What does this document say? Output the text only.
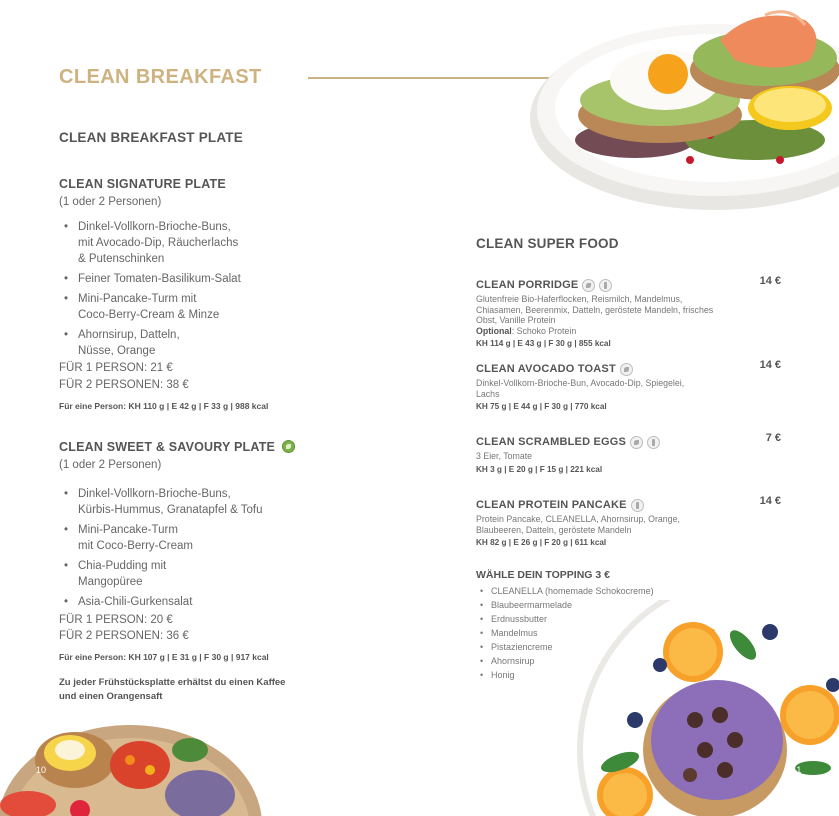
CLEAN BREAKFAST
CLEAN BREAKFAST PLATE
CLEAN SIGNATURE PLATE
(1 oder 2 Personen)
• Dinkel-Vollkorn-Brioche-Buns,
mit Avocado-Dip, Räucherlachs
& Putenschinken
• Feiner Tomaten-Basilikum-Salat
• Mini-Pancake-Turm mit
Coco-Berry-Cream & Minze
• Ahornsirup, Datteln,
Nüsse, Orange
FÜR 1 PERSON: 21 €
FÜR 2 PERSONEN: 38 €
Für eine Person: KH 110 g | E 42 g | F 33 g | 988 kcal
CLEAN SWEET & SAVOURY PLATE
(1 oder 2 Personen)
• Dinkel-Vollkorn-Brioche-Buns,
Kürbis-Hummus, Granatapfel & Tofu
• Mini-Pancake-Turm
mit Coco-Berry-Cream
• Chia-Pudding mit
Mangopüree
• Asia-Chili-Gurkensalat
FÜR 1 PERSON: 20 €
FÜR 2 PERSONEN: 36 €
Für eine Person: KH 107 g | E 31 g | F 30 g | 917 kcal
Zu jeder Frühstücksplatte erhältst du einen Kaffee und einen Orangensaft
10
CLEAN SUPER FOOD
CLEAN PORRIDGE	14 €
Glutenfreie Bio-Haferflocken, Reismilch, Mandelmus, Chiasamen, Beerenmix, Datteln, geröstete Mandeln, frisches Obst, Vanille Protein
Optional: Schoko Protein
KH 114 g | E 43 g | F 30 g | 855 kcal
CLEAN AVOCADO TOAST	14 €
Dinkel-Vollkorn-Brioche-Bun, Avocado-Dip, Spiegelei, Lachs
KH 75 g | E 44 g | F 30 g | 770 kcal
CLEAN SCRAMBLED EGGS	7 €
3 Eier, Tomate
KH 3 g | E 20 g | F 15 g | 221 kcal
CLEAN PROTEIN PANCAKE	14 €
Protein Pancake, CLEANELLA, Ahornsirup, Orange, Blaubeeren, Datteln, geröstete Mandeln
KH 82 g | E 26 g | F 20 g | 611 kcal
WÄHLE DEIN TOPPING 3 €
• CLEANELLA (homemade Schokocreme)
• Blaubeermarmelade
• Erdnussbutter
• Mandelmus
• Pistaziencreme
• Ahornsirup
• Honig
11
